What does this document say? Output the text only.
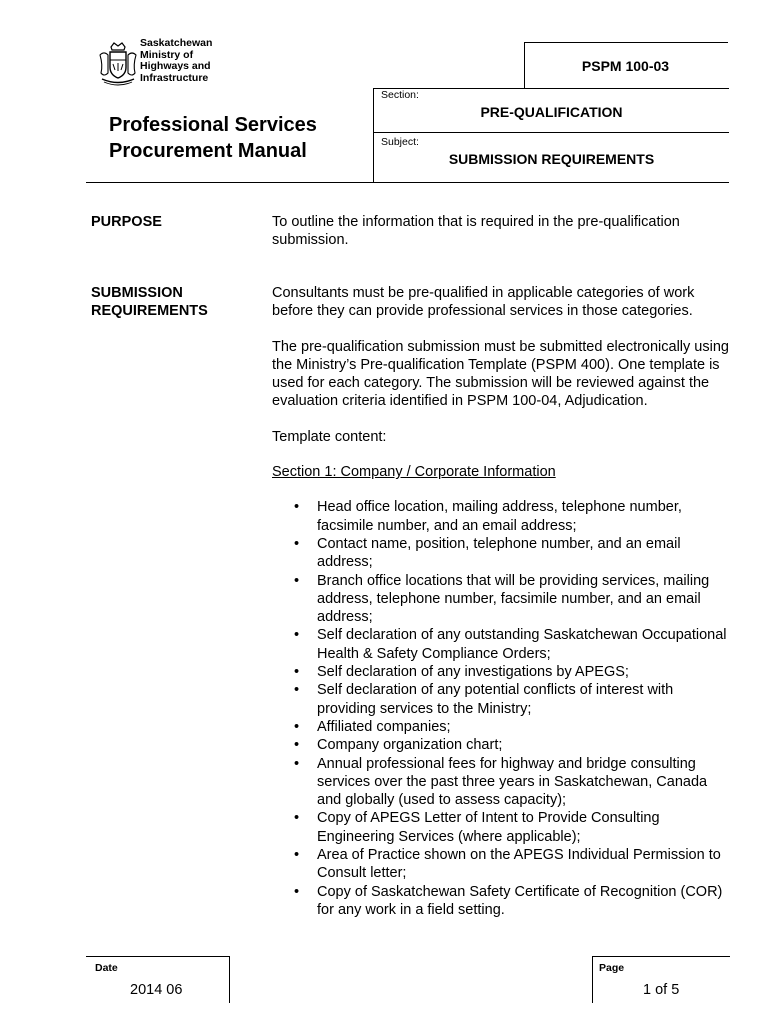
Saskatchewan
Ministry of
Highways and
Infrastructure
PSPM 100-03
Professional Services
Procurement Manual
Section:
PRE-QUALIFICATION
Subject:
SUBMISSION REQUIREMENTS
PURPOSE	To outline the information that is required in the pre-qualification submission.
SUBMISSION
REQUIREMENTS

Consultants must be pre-qualified in applicable categories of work before they can provide professional services in those categories.

The pre-qualification submission must be submitted electronically using the Ministry’s Pre-qualification Template (PSPM 400). One template is used for each category. The submission will be reviewed against the evaluation criteria identified in PSPM 100-04, Adjudication.

Template content:

Section 1: Company / Corporate Information

• Head office location, mailing address, telephone number, facsimile number, and an email address;
• Contact name, position, telephone number, and an email address;
• Branch office locations that will be providing services, mailing address, telephone number, facsimile number, and an email address;
• Self declaration of any outstanding Saskatchewan Occupational Health & Safety Compliance Orders;
• Self declaration of any investigations by APEGS;
• Self declaration of any potential conflicts of interest with providing services to the Ministry;
• Affiliated companies;
• Company organization chart;
• Annual professional fees for highway and bridge consulting services over the past three years in Saskatchewan, Canada and globally (used to assess capacity);
• Copy of APEGS Letter of Intent to Provide Consulting Engineering Services (where applicable);
• Area of Practice shown on the APEGS Individual Permission to Consult letter;
• Copy of Saskatchewan Safety Certificate of Recognition (COR) for any work in a field setting.
Date
2014 06
Page
1 of 5
